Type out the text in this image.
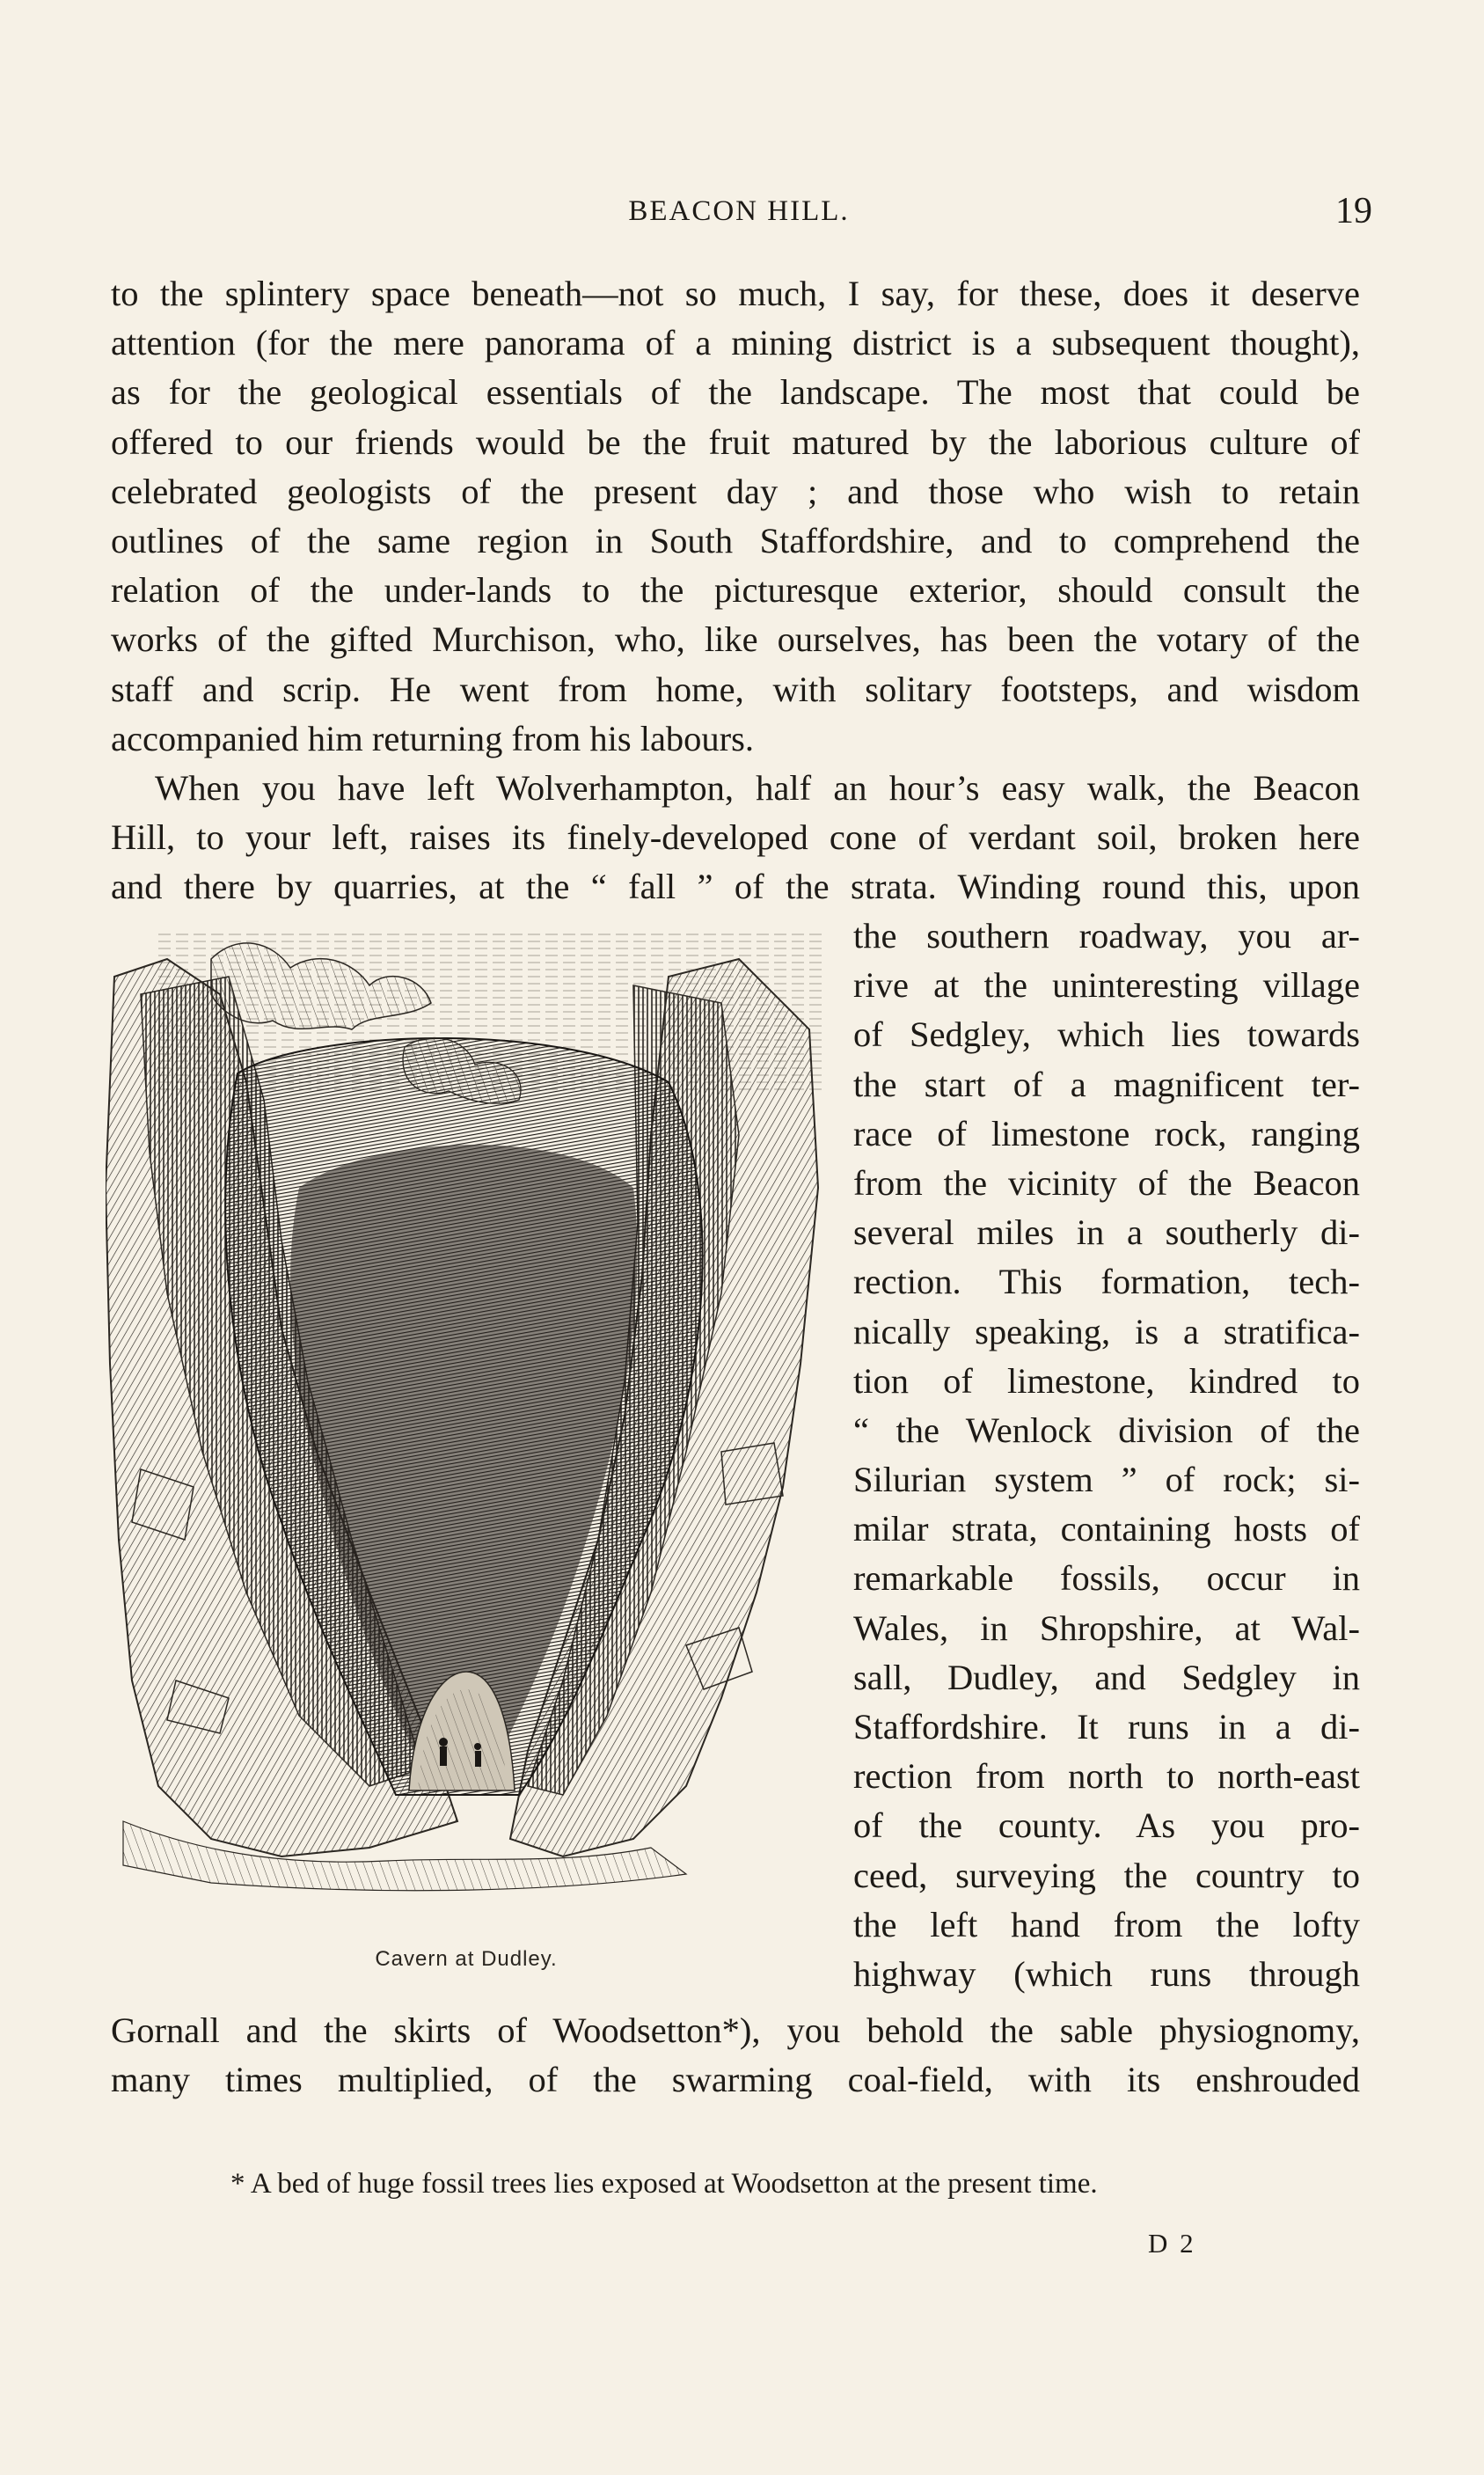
BEACON HILL.	19
to the splintery space beneath—not so much, I say, for these, does it deserve
attention (for the mere panorama of a mining district is a subsequent thought),
as for the geological essentials of the landscape. The most that could be
offered to our friends would be the fruit matured by the laborious culture of
celebrated geologists of the present day ; and those who wish to retain
outlines of the same region in South Staffordshire, and to comprehend the
relation of the under-lands to the picturesque exterior, should consult the
works of the gifted Murchison, who, like ourselves, has been the votary of the
staff and scrip. He went from home, with solitary footsteps, and wisdom
accompanied him returning from his labours.
When you have left Wolverhampton, half an hour’s easy walk, the Beacon
Hill, to your left, raises its finely-developed cone of verdant soil, broken here
and there by quarries, at the “ fall ” of the strata. Winding round this, upon
Cavern at Dudley.
the southern roadway, you ar-
rive at the uninteresting village
of Sedgley, which lies towards
the start of a magnificent ter-
race of limestone rock, ranging
from the vicinity of the Beacon
several miles in a southerly di-
rection. This formation, tech-
nically speaking, is a stratifica-
tion of limestone, kindred to
“ the Wenlock division of the
Silurian system ” of rock; si-
milar strata, containing hosts of
remarkable fossils, occur in
Wales, in Shropshire, at Wal-
sall, Dudley, and Sedgley in
Staffordshire. It runs in a di-
rection from north to north-east
of the county. As you pro-
ceed, surveying the country to
the left hand from the lofty
highway (which runs through
Gornall and the skirts of Woodsetton*), you behold the sable physiognomy,
many times multiplied, of the swarming coal-field, with its enshrouded
* A bed of huge fossil trees lies exposed at Woodsetton at the present time.
D 2
